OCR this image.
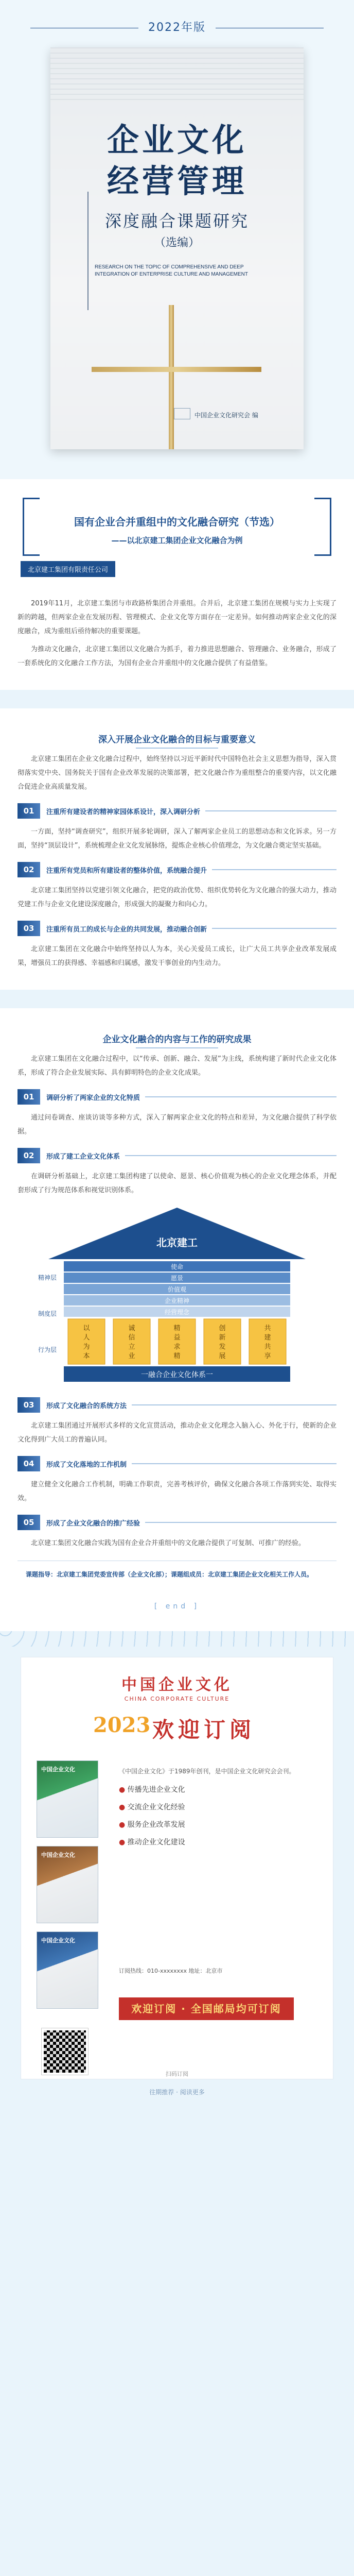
2022年版
企业文化
经营管理
深度融合课题研究
（选编）
RESEARCH ON THE TOPIC OF COMPREHENSIVE AND DEEP INTEGRATION OF ENTERPRISE CULTURE AND MANAGEMENT
中国企业文化研究会 编
国有企业合并重组中的文化融合研究（节选）
——以北京建工集团企业文化融合为例
北京建工集团有限责任公司

2019年11月，北京建工集团与市政路桥集团合并重组。合并后，北京建工集团在规模与实力上实现了新的跨越，但两家企业在发展历程、管理模式、企业文化等方面存在一定差异。如何推动两家企业文化的深度融合，成为重组后亟待解决的重要课题。

为推动文化融合，北京建工集团以文化融合为抓手，着力推进思想融合、管理融合、业务融合，形成了一套系统化的文化融合工作方法，为国有企业合并重组中的文化融合提供了有益借鉴。

深入开展企业文化融合的目标与重要意义

北京建工集团在企业文化融合过程中，始终坚持以习近平新时代中国特色社会主义思想为指导，深入贯彻落实党中央、国务院关于国有企业改革发展的决策部署，把文化融合作为重组整合的重要内容，以文化融合促进企业高质量发展。

01	注重所有建设者的精神家园体系设计，深入调研分析

一方面，坚持“调查研究”，组织开展多轮调研，深入了解两家企业员工的思想动态和文化诉求。另一方面，坚持“顶层设计”，系统梳理企业文化发展脉络，提炼企业核心价值理念，为文化融合奠定坚实基础。

02	注重所有党员和所有建设者的整体价值，系统融合提升

北京建工集团坚持以党建引领文化融合，把党的政治优势、组织优势转化为文化融合的强大动力，推动党建工作与企业文化建设深度融合，形成强大的凝聚力和向心力。

03	注重所有员工的成长与企业的共同发展，推动融合创新

北京建工集团在文化融合中始终坚持以人为本，关心关爱员工成长，让广大员工共享企业改革发展成果，增强员工的获得感、幸福感和归属感，激发干事创业的内生动力。

企业文化融合的内容与工作的研究成果

北京建工集团在文化融合过程中，以“传承、创新、融合、发展”为主线，系统构建了新时代企业文化体系，形成了符合企业发展实际、具有鲜明特色的企业文化成果。

01	调研分析了两家企业的文化特质

通过问卷调查、座谈访谈等多种方式，深入了解两家企业文化的特点和差异，为文化融合提供了科学依据。

02	形成了建工企业文化体系

在调研分析基础上，北京建工集团构建了以使命、愿景、核心价值观为核心的企业文化理念体系，并配套形成了行为规范体系和视觉识别体系。

北京建工
使命
愿景
价值观
企业精神
经营理念
以
人
为
本
诚
信
立
业
精
益
求
精
创
新
发
展
共
建
共
享
一融合企业文化体系一
精神层
制度层
行为层
03	形成了文化融合的系统方法

北京建工集团通过开展形式多样的文化宣贯活动，推动企业文化理念入脑入心、外化于行，使新的企业文化得到广大员工的普遍认同。

04	形成了文化落地的工作机制

建立健全文化融合工作机制，明确工作职责，完善考核评价，确保文化融合各项工作落到实处、取得实效。

05	形成了企业文化融合的推广经验

北京建工集团文化融合实践为国有企业合并重组中的文化融合提供了可复制、可推广的经验。

课题指导：北京建工集团党委宣传部（企业文化部）；课题组成员：北京建工集团企业文化相关工作人员。
[ end ]
中国企业文化
CHINA CORPORATE CULTURE
2023 欢迎订阅
中国企业文化
中国企业文化
中国企业文化
《中国企业文化》于1989年创刊，是中国企业文化研究会会刊。
● 传播先进企业文化
● 交流企业文化经验
● 服务企业改革发展
● 推动企业文化建设
订阅热线：010-xxxxxxxx 地址：北京市
欢迎订阅 · 全国邮局均可订阅
扫码订阅
往期推荐 · 阅读更多
